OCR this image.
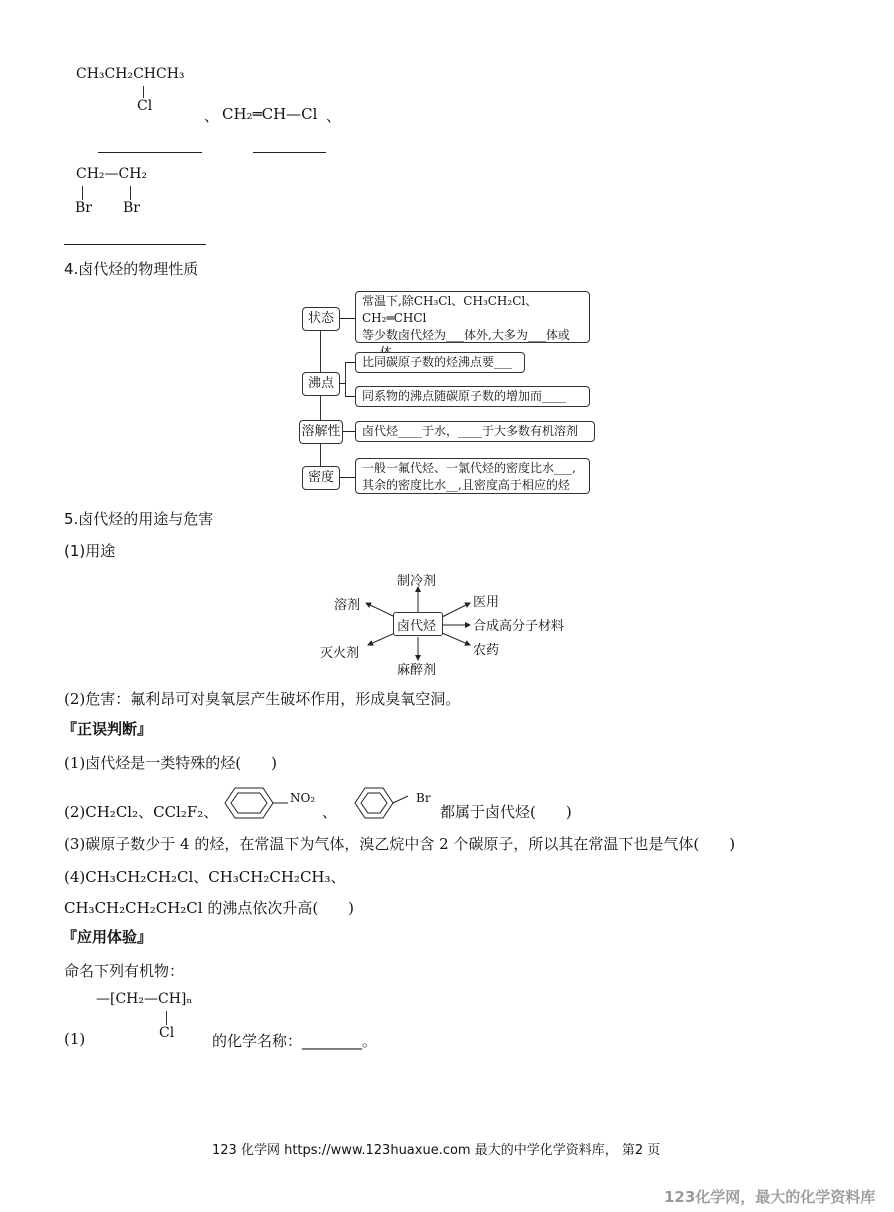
CH₃CH₂CHCH₃
Cl
、 CH₂═CH—Cl 、
CH₂—CH₂
Br Br
4.卤代烃的物理性质
状态
常温下,除CH₃Cl、CH₃CH₂Cl、CH₂═CHCl
等少数卤代烃为___体外,大多为___体或
沸点
比同碳原子数的烃沸点要___
同系物的沸点随碳原子数的增加而____
溶解性 卤代烃____于水，____于大多数有机溶剂
密度
一般一氟代烃、一氯代烃的密度比水___,
其余的密度比水__,且密度高于相应的烃
5.卤代烃的用途与危害
(1)用途
卤代烃
制冷剂
溶剂	医用
合成高分子材料
灭火剂	农药
麻醉剂
(2)危害：氟利昂可对臭氧层产生破坏作用，形成臭氧空洞。
『正误判断』
(1)卤代烃是一类特殊的烃(　　)
(2)CH₂Cl₂、CCl₂F₂、
NO₂
、
Br
都属于卤代烃(　　)
(3)碳原子数少于 4 的烃，在常温下为气体，溴乙烷中含 2 个碳原子，所以其在常温下也是气体(　　)
(4)CH₃CH₂CH₂Cl、CH₃CH₂CH₂CH₃、
CH₃CH₂CH₂CH₂Cl 的沸点依次升高(　　)
『应用体验』
命名下列有机物：
—[CH₂—CH]ₙ
Cl
(1)	的化学名称：________。
123 化学网 https://www.123huaxue.com 最大的中学化学资料库， 第2 页
123化学网，最大的化学资料库
